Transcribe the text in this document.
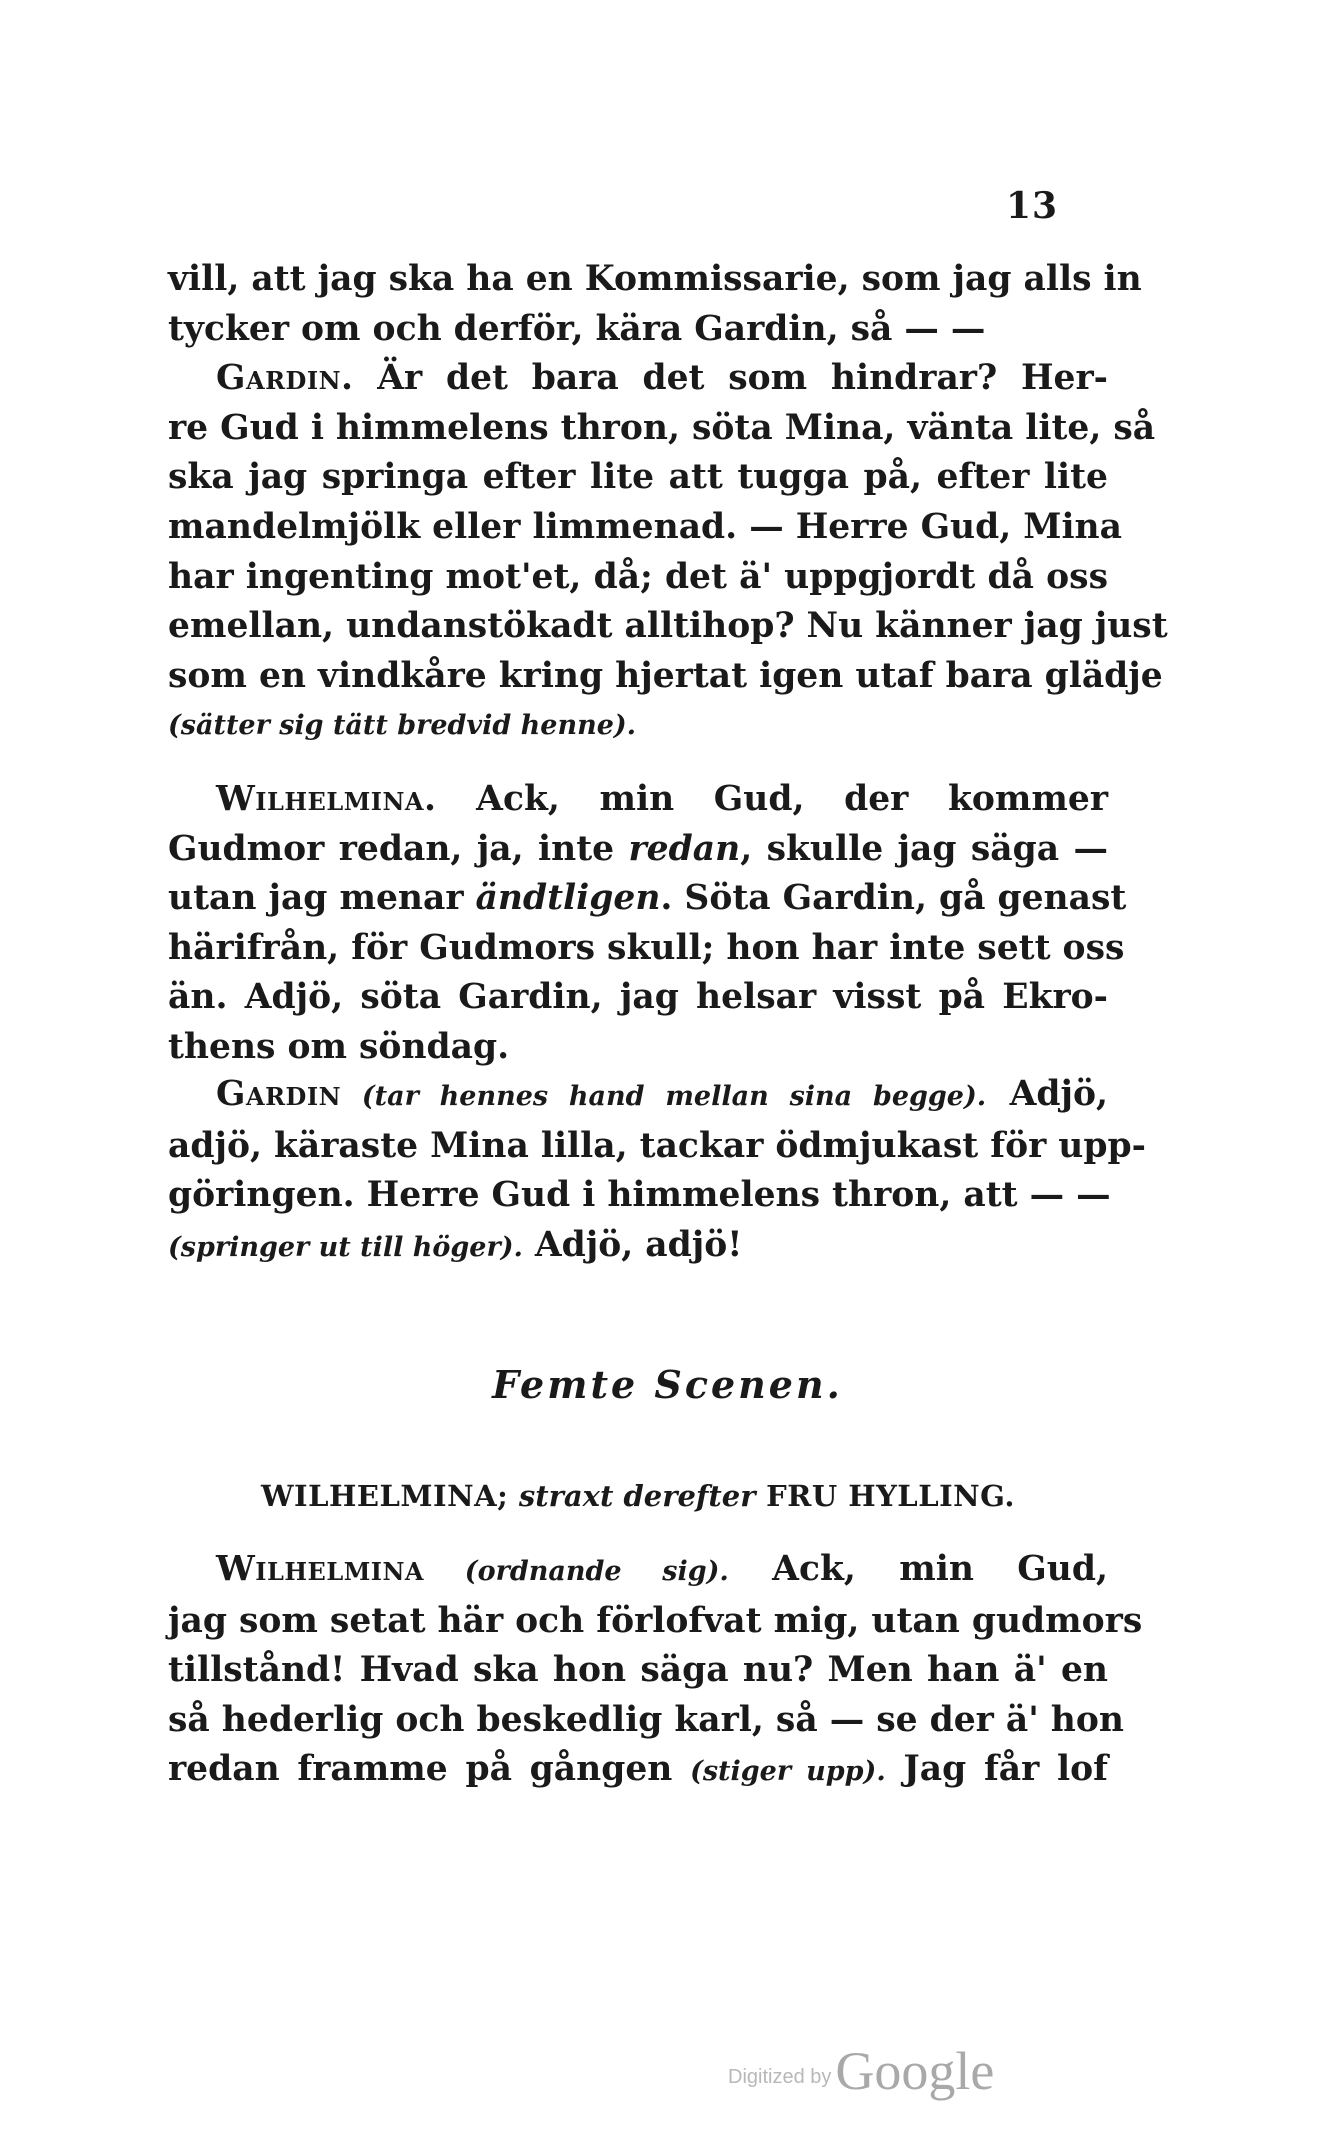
13
vill, att jag ska ha en Kommissarie, som jag alls in
tycker om och derför, kära Gardin, så — —
Gardin. Är det bara det som hindrar? Her-
re Gud i himmelens thron, söta Mina, vänta lite, så
ska jag springa efter lite att tugga på, efter lite
mandelmjölk eller limmenad. — Herre Gud, Mina
har ingenting mot'et, då; det ä' uppgjordt då oss
emellan, undanstökadt alltihop? Nu känner jag just
som en vindkåre kring hjertat igen utaf bara glädje
(sätter sig tätt bredvid henne).
Wilhelmina. Ack, min Gud, der kommer
Gudmor redan, ja, inte redan, skulle jag säga —
utan jag menar ändtligen. Söta Gardin, gå genast
härifrån, för Gudmors skull; hon har inte sett oss
än. Adjö, söta Gardin, jag helsar visst på Ekro-
thens om söndag.
Gardin (tar hennes hand mellan sina begge). Adjö,
adjö, käraste Mina lilla, tackar ödmjukast för upp-
göringen. Herre Gud i himmelens thron, att — —
(springer ut till höger). Adjö, adjö!
Femte Scenen.
WILHELMINA; straxt derefter FRU HYLLING.
Wilhelmina (ordnande sig). Ack, min Gud,
jag som setat här och förlofvat mig, utan gudmors
tillstånd! Hvad ska hon säga nu? Men han ä' en
så hederlig och beskedlig karl, så — se der ä' hon
redan framme på gången (stiger upp). Jag får lof
Digitized byGoogle
